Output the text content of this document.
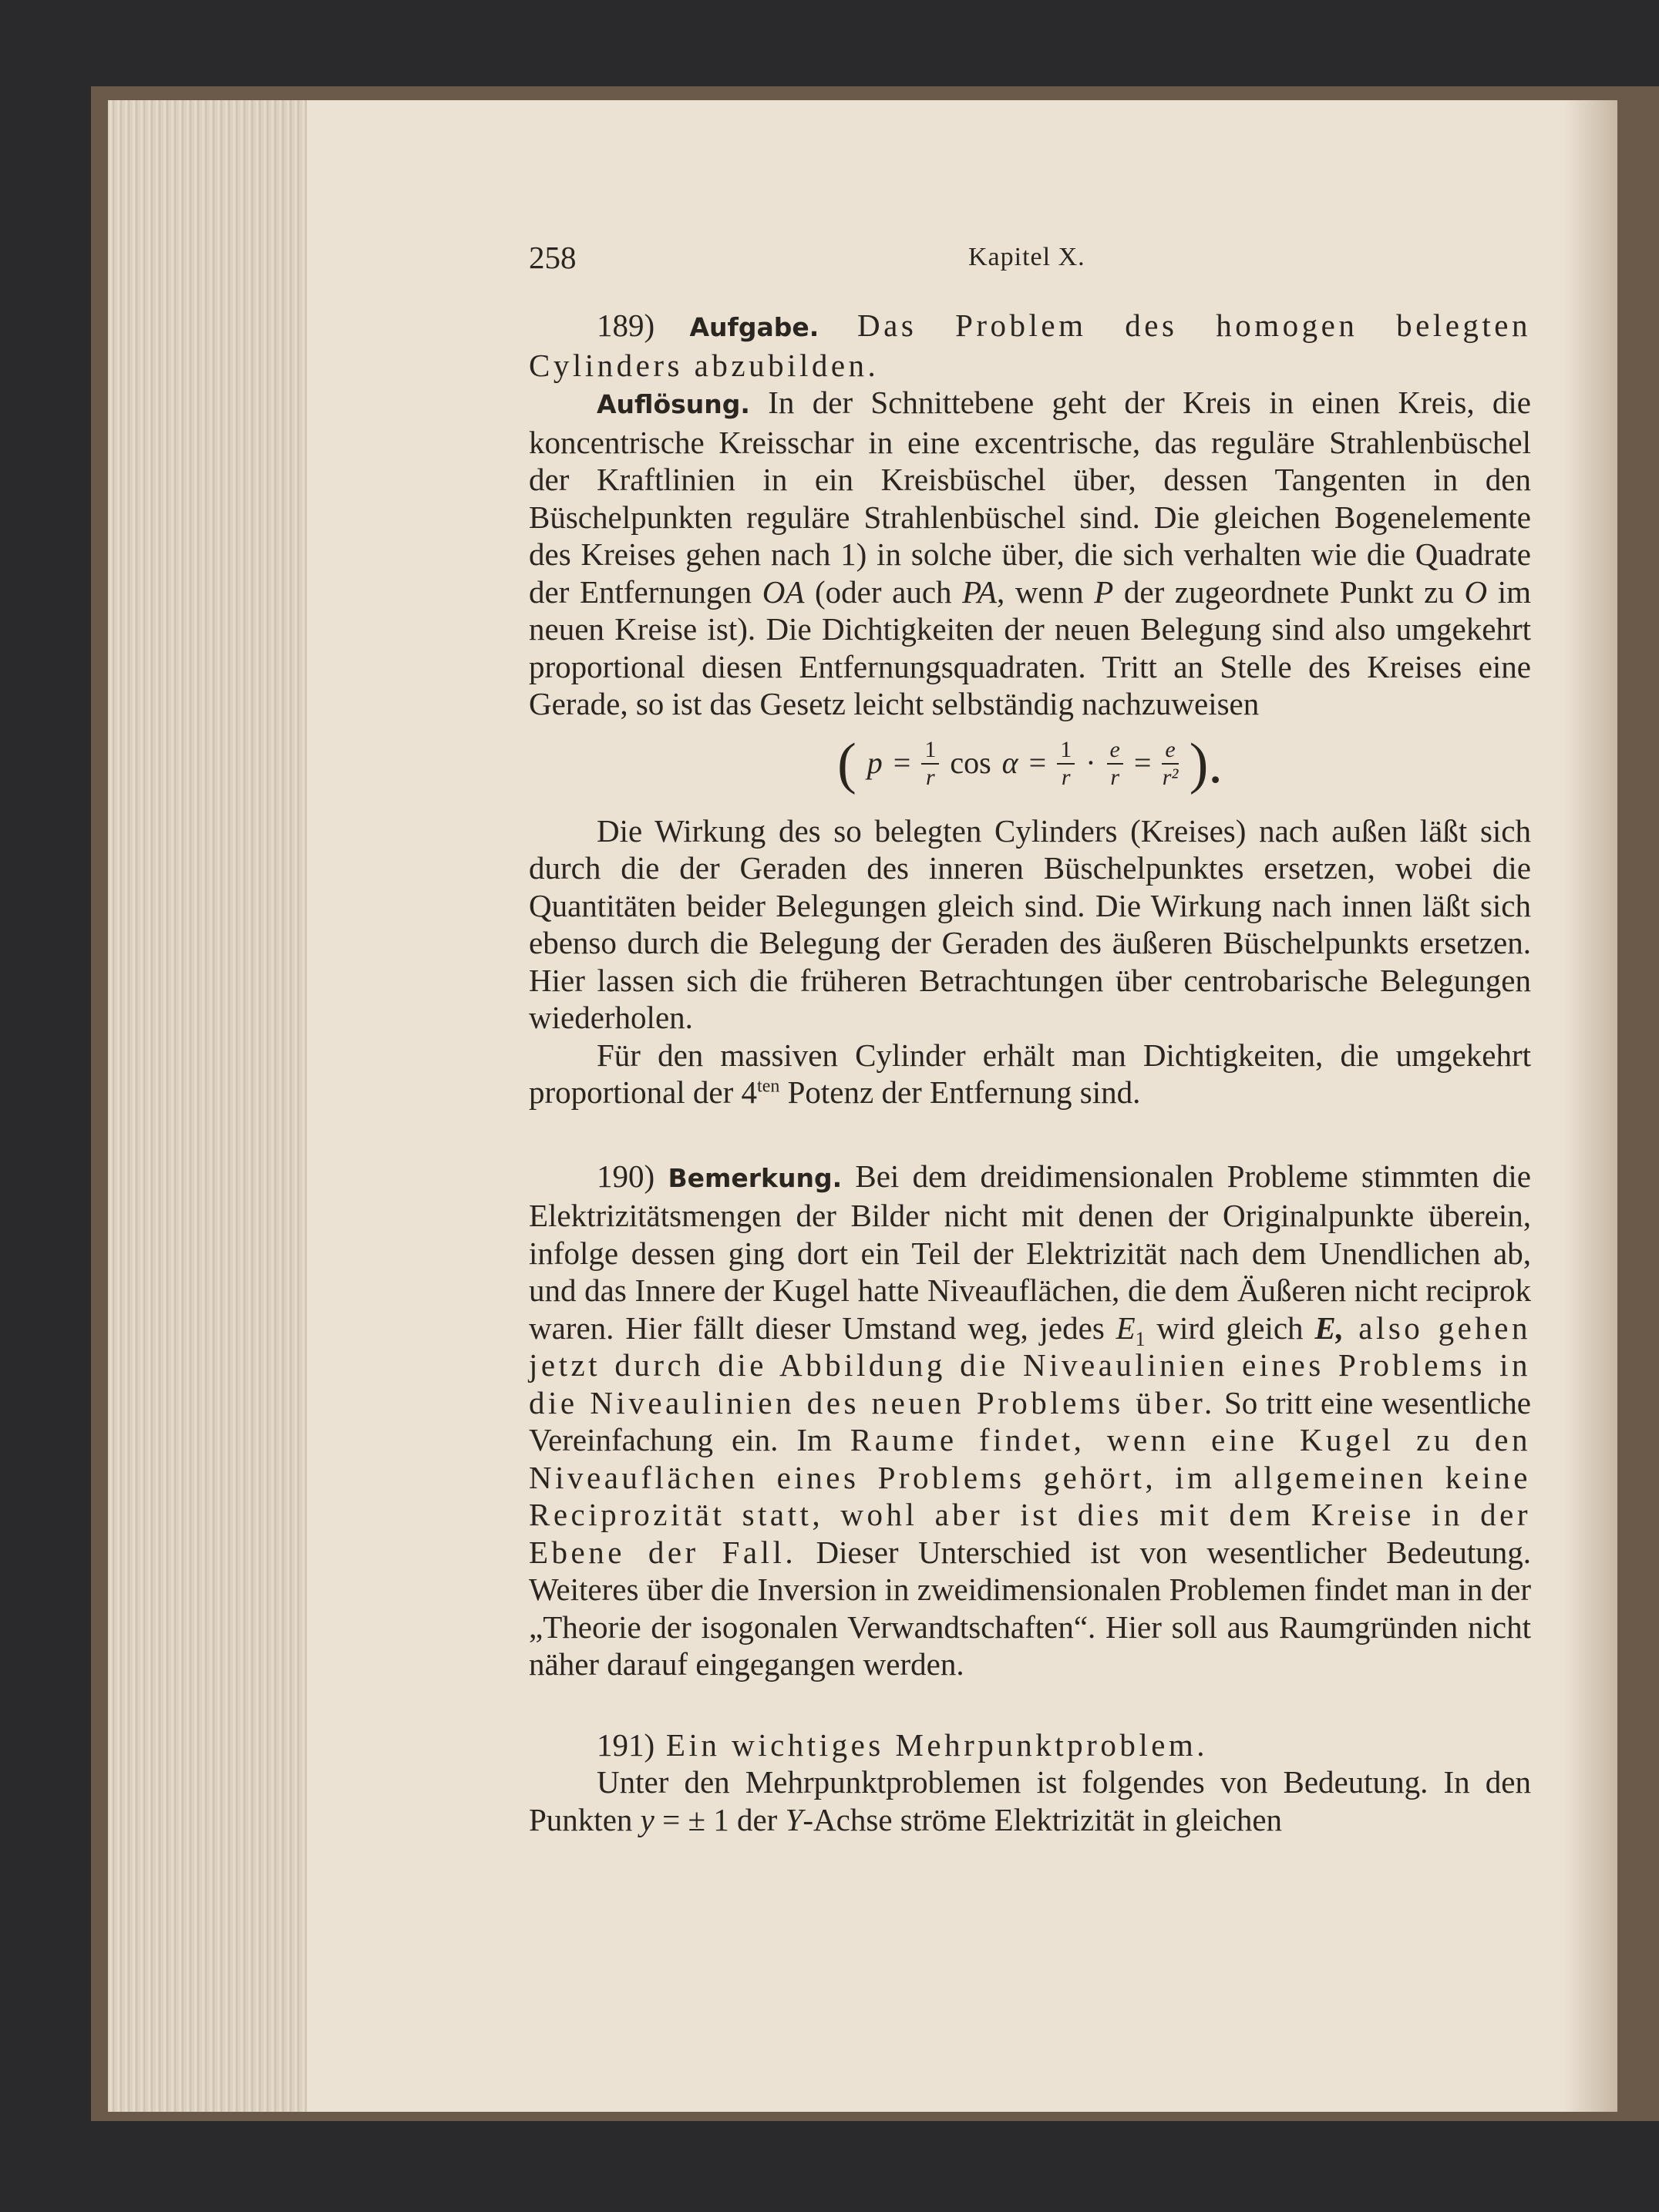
258	Kapitel X.

189) Aufgabe. Das Problem des homogen belegten Cylinders abzubilden.

Auflösung. In der Schnittebene geht der Kreis in einen Kreis, die koncentrische Kreisschar in eine excentrische, das reguläre Strahlenbüschel der Kraftlinien in ein Kreisbüschel über, dessen Tangenten in den Büschelpunkten reguläre Strahlenbüschel sind. Die gleichen Bogenelemente des Kreises gehen nach 1) in solche über, die sich verhalten wie die Quadrate der Entfernungen OA (oder auch PA, wenn P der zugeordnete Punkt zu O im neuen Kreise ist). Die Dichtigkeiten der neuen Belegung sind also umgekehrt proportional diesen Entfernungsquadraten. Tritt an Stelle des Kreises eine Gerade, so ist das Gesetz leicht selbständig nachzuweisen

( $p = \frac{1}{r}$ $\cos \alpha = \frac{1}{r} \cdot \frac{e}{r} = \frac{e}{\text{r²}}$ ).

Die Wirkung des so belegten Cylinders (Kreises) nach außen läßt sich durch die der Geraden des inneren Büschelpunktes ersetzen, wobei die Quantitäten beider Belegungen gleich sind. Die Wirkung nach innen läßt sich ebenso durch die Belegung der Geraden des äußeren Büschelpunkts ersetzen. Hier lassen sich die früheren Betrachtungen über centrobarische Belegungen wiederholen.

Für den massiven Cylinder erhält man Dichtigkeiten, die umgekehrt proportional der $4^{ten}$ Potenz der Entfernung sind.

190) Bemerkung. Bei dem dreidimensionalen Probleme stimmten die Elektrizitätsmengen der Bilder nicht mit denen der Originalpunkte überein, infolge dessen ging dort ein Teil der Elektrizität nach dem Unendlichen ab, und das Innere der Kugel hatte Niveauflächen, die dem Äußeren nicht reciprok waren. Hier fällt dieser Umstand weg, jedes $E_1$ wird gleich E, also gehen jetzt durch die Abbildung die Niveaulinien eines Problems in die Niveaulinien des neuen Problems über. So tritt eine wesentliche Vereinfachung ein. Im Raume findet, wenn eine Kugel zu den Niveauflächen eines Problems gehört, im allgemeinen keine Reciprozität statt, wohl aber ist dies mit dem Kreise in der Ebene der Fall. Dieser Unterschied ist von wesentlicher Bedeutung. Weiteres über die Inversion in zweidimensionalen Problemen findet man in der „Theorie der isogonalen Verwandtschaften“. Hier soll aus Raumgründen nicht näher darauf eingegangen werden.

191) Ein wichtiges Mehrpunktproblem.

Unter den Mehrpunktproblemen ist folgendes von Bedeutung. In den Punkten y = ± 1 der Y-Achse ströme Elektrizität in gleichen
